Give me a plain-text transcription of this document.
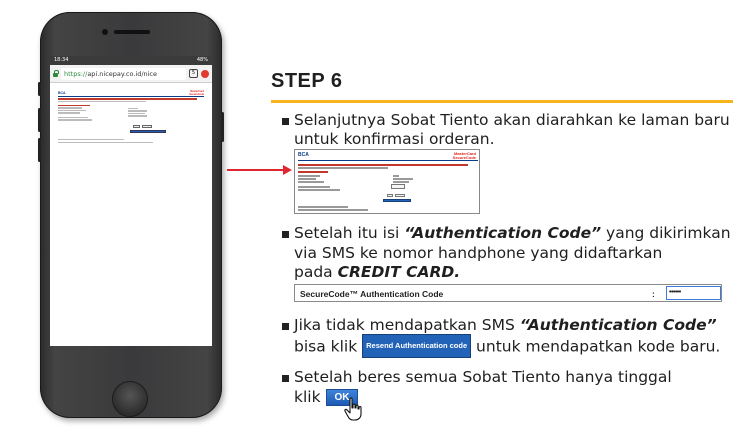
18:34	48%
https://api.nicepay.co.id/nice	5
BCA	MasterCard SecureCode
STEP 6
Selanjutnya Sobat Tiento akan diarahkan ke laman baru
untuk konfirmasi orderan.
BCA	MasterCard SecureCode
Setelah itu isi “Authentication Code” yang dikirimkan
via SMS ke nomor handphone yang didaftarkan
pada CREDIT CARD.
SecureCode™ Authentication Code	:	••••••
Jika tidak mendapatkan SMS “Authentication Code”
bisa klik Resend Authentication code untuk mendapatkan kode baru.
Setelah beres semua Sobat Tiento hanya tinggal
klik	OK
